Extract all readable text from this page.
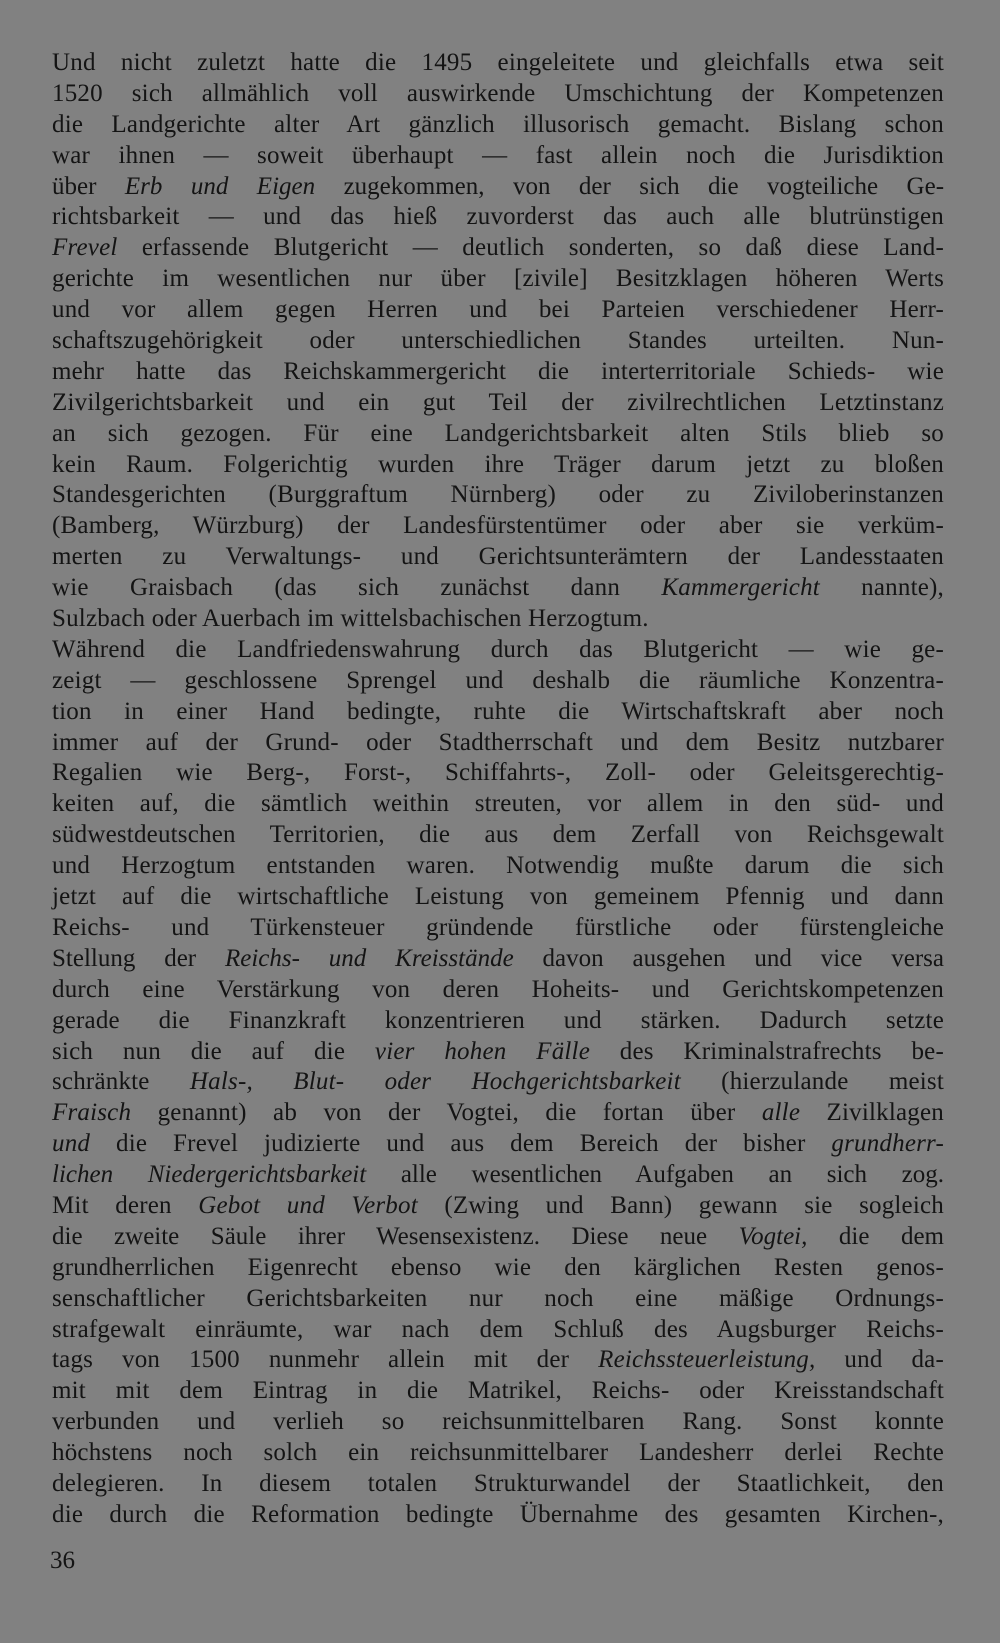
Und nicht zuletzt hatte die 1495 eingeleitete und gleichfalls etwa seit
1520 sich allmählich voll auswirkende Umschichtung der Kompetenzen
die Landgerichte alter Art gänzlich illusorisch gemacht. Bislang schon
war ihnen — soweit überhaupt — fast allein noch die Jurisdiktion
über Erb und Eigen zugekommen, von der sich die vogteiliche Ge-
richtsbarkeit — und das hieß zuvorderst das auch alle blutrünstigen
Frevel erfassende Blutgericht — deutlich sonderten, so daß diese Land-
gerichte im wesentlichen nur über [zivile] Besitzklagen höheren Werts
und vor allem gegen Herren und bei Parteien verschiedener Herr-
schaftszugehörigkeit oder unterschiedlichen Standes urteilten. Nun-
mehr hatte das Reichskammergericht die interterritoriale Schieds- wie
Zivilgerichtsbarkeit und ein gut Teil der zivilrechtlichen Letztinstanz
an sich gezogen. Für eine Landgerichtsbarkeit alten Stils blieb so
kein Raum. Folgerichtig wurden ihre Träger darum jetzt zu bloßen
Standesgerichten (Burggraftum Nürnberg) oder zu Ziviloberinstanzen
(Bamberg, Würzburg) der Landesfürstentümer oder aber sie verküm-
merten zu Verwaltungs- und Gerichtsunterämtern der Landesstaaten
wie Graisbach (das sich zunächst dann Kammergericht nannte),
Sulzbach oder Auerbach im wittelsbachischen Herzogtum.
Während die Landfriedenswahrung durch das Blutgericht — wie ge-
zeigt — geschlossene Sprengel und deshalb die räumliche Konzentra-
tion in einer Hand bedingte, ruhte die Wirtschaftskraft aber noch
immer auf der Grund- oder Stadtherrschaft und dem Besitz nutzbarer
Regalien wie Berg-, Forst-, Schiffahrts-, Zoll- oder Geleitsgerechtig-
keiten auf, die sämtlich weithin streuten, vor allem in den süd- und
südwestdeutschen Territorien, die aus dem Zerfall von Reichsgewalt
und Herzogtum entstanden waren. Notwendig mußte darum die sich
jetzt auf die wirtschaftliche Leistung von gemeinem Pfennig und dann
Reichs- und Türkensteuer gründende fürstliche oder fürstengleiche
Stellung der Reichs- und Kreisstände davon ausgehen und vice versa
durch eine Verstärkung von deren Hoheits- und Gerichtskompetenzen
gerade die Finanzkraft konzentrieren und stärken. Dadurch setzte
sich nun die auf die vier hohen Fälle des Kriminalstrafrechts be-
schränkte Hals-, Blut- oder Hochgerichtsbarkeit (hierzulande meist
Fraisch genannt) ab von der Vogtei, die fortan über alle Zivilklagen
und die Frevel judizierte und aus dem Bereich der bisher grundherr-
lichen Niedergerichtsbarkeit alle wesentlichen Aufgaben an sich zog.
Mit deren Gebot und Verbot (Zwing und Bann) gewann sie sogleich
die zweite Säule ihrer Wesensexistenz. Diese neue Vogtei, die dem
grundherrlichen Eigenrecht ebenso wie den kärglichen Resten genos-
senschaftlicher Gerichtsbarkeiten nur noch eine mäßige Ordnungs-
strafgewalt einräumte, war nach dem Schluß des Augsburger Reichs-
tags von 1500 nunmehr allein mit der Reichssteuerleistung, und da-
mit mit dem Eintrag in die Matrikel, Reichs- oder Kreisstandschaft
verbunden und verlieh so reichsunmittelbaren Rang. Sonst konnte
höchstens noch solch ein reichsunmittelbarer Landesherr derlei Rechte
delegieren. In diesem totalen Strukturwandel der Staatlichkeit, den
die durch die Reformation bedingte Übernahme des gesamten Kirchen-,
36
